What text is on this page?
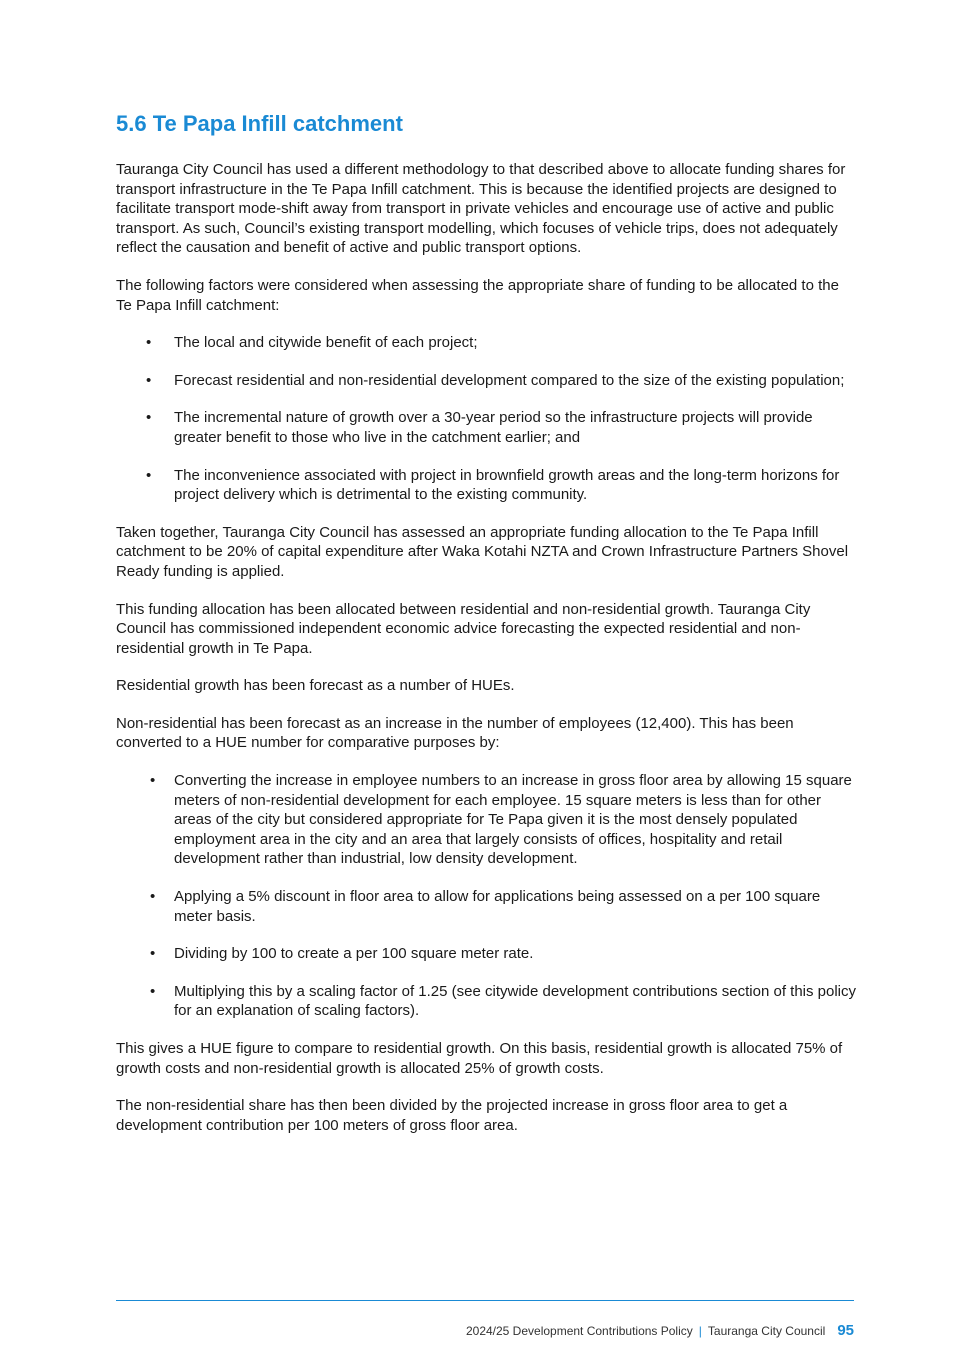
5.6 Te Papa Infill catchment

Tauranga City Council has used a different methodology to that described above to allocate funding shares for transport infrastructure in the Te Papa Infill catchment. This is because the identified projects are designed to facilitate transport mode-shift away from transport in private vehicles and encourage use of active and public transport. As such, Council’s existing transport modelling, which focuses of vehicle trips, does not adequately reflect the causation and benefit of active and public transport options.

The following factors were considered when assessing the appropriate share of funding to be allocated to the Te Papa Infill catchment:

• The local and citywide benefit of each project;
• Forecast residential and non-residential development compared to the size of the existing population;
• The incremental nature of growth over a 30-year period so the infrastructure projects will provide greater benefit to those who live in the catchment earlier; and
• The inconvenience associated with project in brownfield growth areas and the long-term horizons for project delivery which is detrimental to the existing community.

Taken together, Tauranga City Council has assessed an appropriate funding allocation to the Te Papa Infill catchment to be 20% of capital expenditure after Waka Kotahi NZTA and Crown Infrastructure Partners Shovel Ready funding is applied.

This funding allocation has been allocated between residential and non-residential growth. Tauranga City Council has commissioned independent economic advice forecasting the expected residential and non-residential growth in Te Papa.

Residential growth has been forecast as a number of HUEs.

Non-residential has been forecast as an increase in the number of employees (12,400). This has been converted to a HUE number for comparative purposes by:

• Converting the increase in employee numbers to an increase in gross floor area by allowing 15 square meters of non-residential development for each employee. 15 square meters is less than for other areas of the city but considered appropriate for Te Papa given it is the most densely populated employment area in the city and an area that largely consists of offices, hospitality and retail development rather than industrial, low density development.
• Applying a 5% discount in floor area to allow for applications being assessed on a per 100 square meter basis.
• Dividing by 100 to create a per 100 square meter rate.
• Multiplying this by a scaling factor of 1.25 (see citywide development contributions section of this policy for an explanation of scaling factors).

This gives a HUE figure to compare to residential growth. On this basis, residential growth is allocated 75% of growth costs and non-residential growth is allocated 25% of growth costs.

The non-residential share has then been divided by the projected increase in gross floor area to get a development contribution per 100 meters of gross floor area.

2024/25 Development Contributions Policy | Tauranga City Council 95
